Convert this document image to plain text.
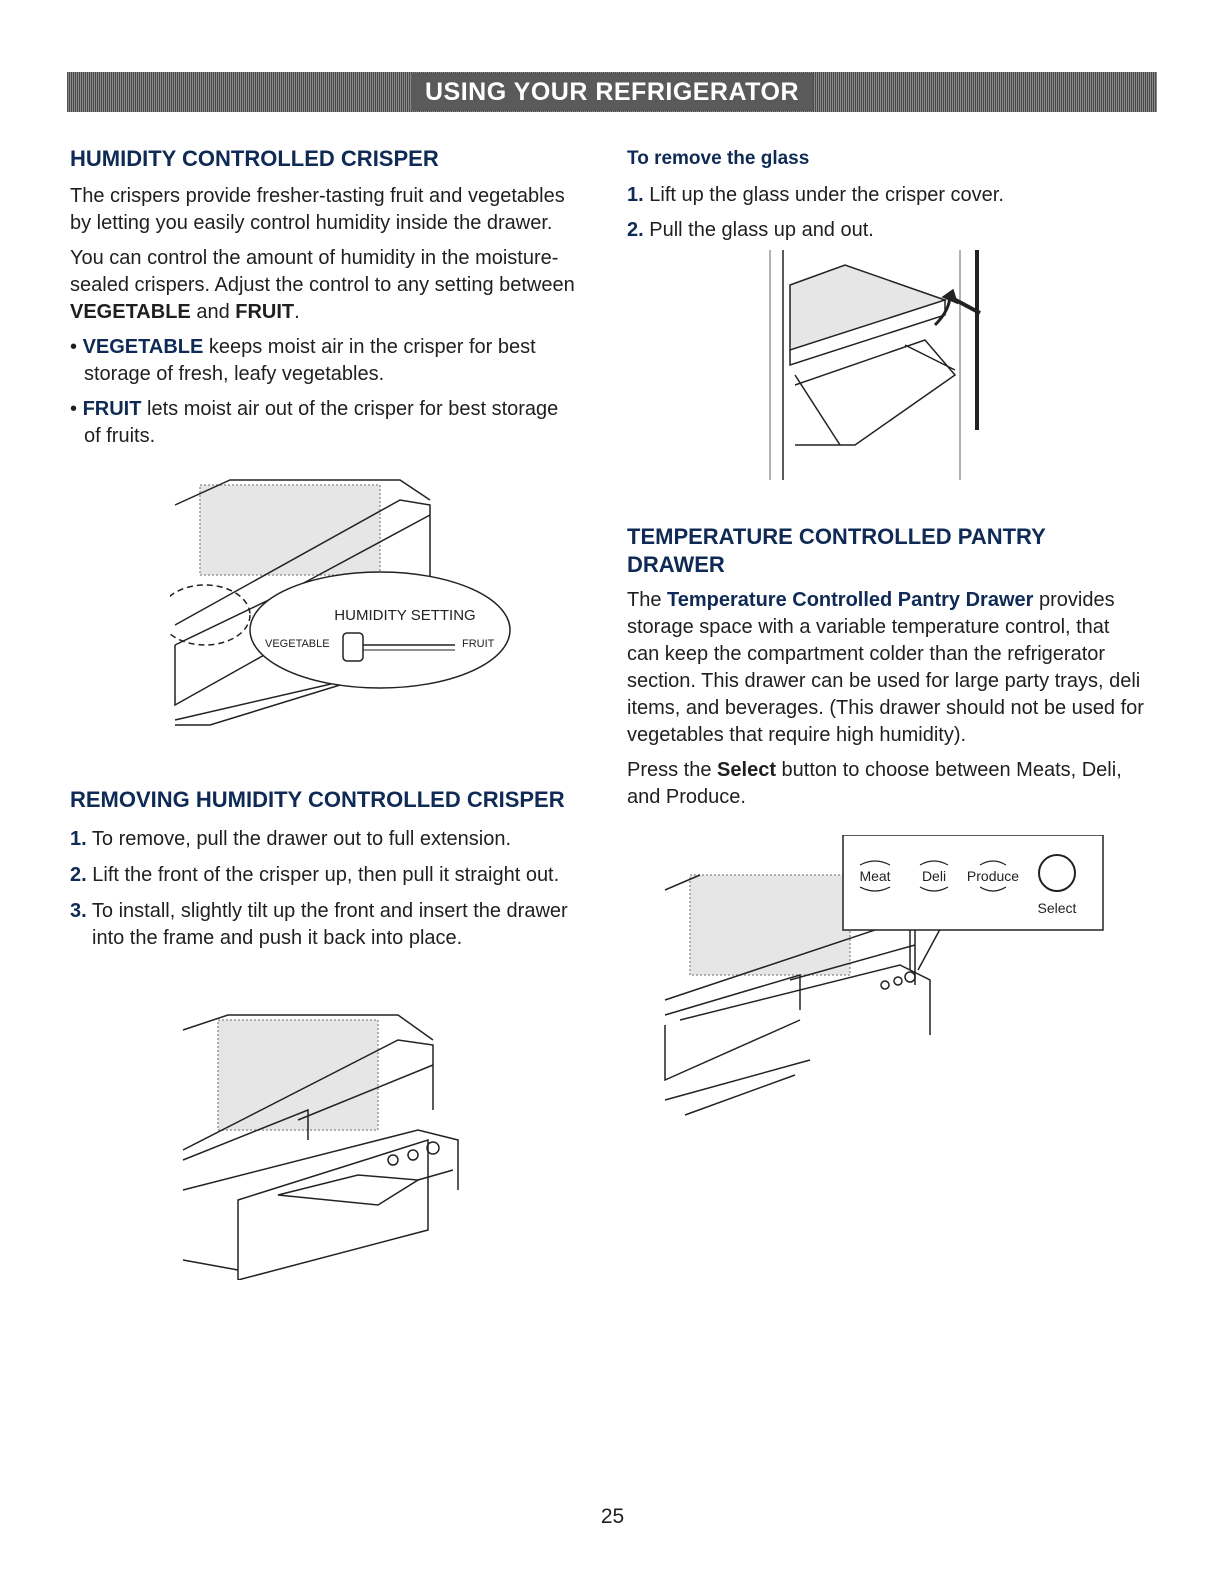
USING YOUR REFRIGERATOR
HUMIDITY CONTROLLED CRISPER

The crispers provide fresher-tasting fruit and vegetables by letting you easily control humidity inside the drawer.

You can control the amount of humidity in the moisture-sealed crispers. Adjust the control to any setting between VEGETABLE and FRUIT.

• VEGETABLE keeps moist air in the crisper for best storage of fresh, leafy vegetables.

• FRUIT lets moist air out of the crisper for best storage of fruits.

HUMIDITY SETTING
VEGETABLE	FRUIT
REMOVING HUMIDITY CONTROLLED CRISPER

1. To remove, pull the drawer out to full extension.

2. Lift the front of the crisper up, then pull it straight out.

3. To install, slightly tilt up the front and insert the drawer into the frame and push it back into place.

To remove the glass

1. Lift up the glass under the crisper cover.

2. Pull the glass up and out.

TEMPERATURE CONTROLLED PANTRY DRAWER

The Temperature Controlled Pantry Drawer provides storage space with a variable temperature control, that can keep the compartment colder than the refrigerator section. This drawer can be used for large party trays, deli items, and beverages. (This drawer should not be used for vegetables that require high humidity).

Press the Select button to choose between Meats, Deli, and Produce.

Meat Deli Produce
Select
25
